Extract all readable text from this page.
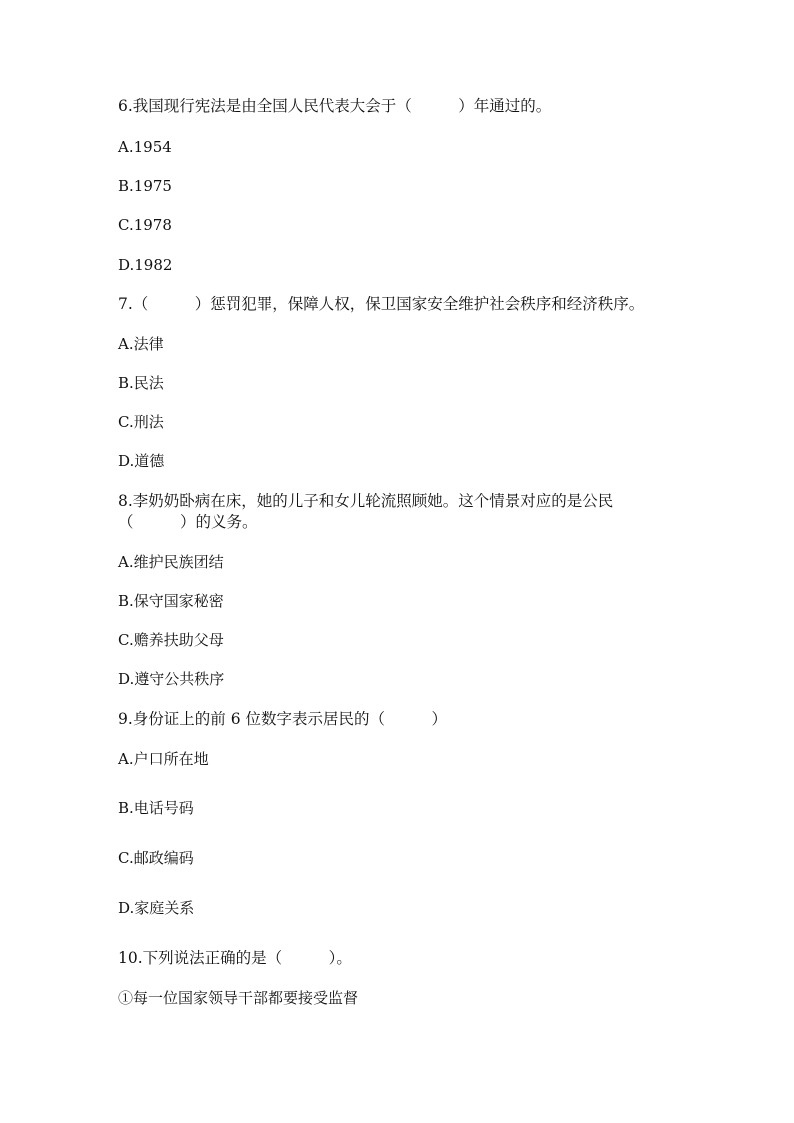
6.我国现行宪法是由全国人民代表大会于（　　　）年通过的。

A.1954

B.1975

C.1978

D.1982

7.（　　　）惩罚犯罪，保障人权，保卫国家安全维护社会秩序和经济秩序。

A.法律

B.民法

C.刑法

D.道德

8.李奶奶卧病在床，她的儿子和女儿轮流照顾她。这个情景对应的是公民

（　　　）的义务。

A.维护民族团结

B.保守国家秘密

C.赡养扶助父母

D.遵守公共秩序

9.身份证上的前 6 位数字表示居民的（　　　）

A.户口所在地

B.电话号码

C.邮政编码

D.家庭关系

10.下列说法正确的是（　　　）。

①每一位国家领导干部都要接受监督
